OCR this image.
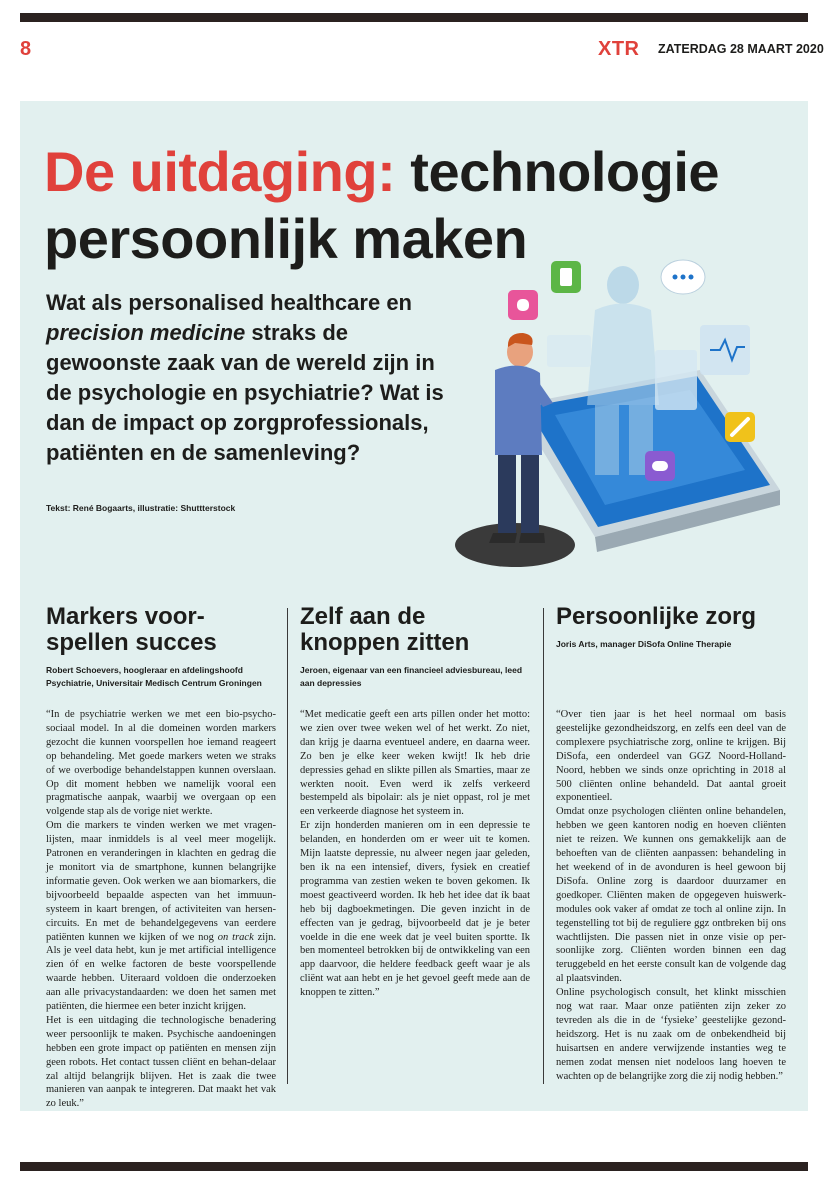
8	XTR ZATERDAG 28 MAART 2020
De uitdaging: technologie persoonlijk maken

Wat als personalised healthcare en precision medicine straks de gewoonste zaak van de wereld zijn in de psychologie en psychiatrie? Wat is dan de impact op zorgprofessionals, patiënten en de samenleving?

Tekst: René Bogaarts, illustratie: Shuttterstock
Markers voor-spellen succes

Robert Schoevers, hoogleraar en afdelingshoofd Psychiatrie, Universitair Medisch Centrum Groningen

“In de psychiatrie werken we met een bio-psycho-sociaal model. In al die domeinen worden markers gezocht die kunnen voorspellen hoe iemand reageert op behandeling. Met goede markers weten we straks of we overbodige behandelstappen kunnen overslaan. Op dit moment hebben we namelijk vooral een pragmatische aanpak, waarbij we overgaan op een volgende stap als de vorige niet werkte.

Om die markers te vinden werken we met vragen-lijsten, maar inmiddels is al veel meer mogelijk. Patronen en veranderingen in klachten en gedrag die je monitort via de smartphone, kunnen belangrijke informatie geven. Ook werken we aan biomarkers, die bijvoorbeeld bepaalde aspecten van het immuun-systeem in kaart brengen, of activiteiten van hersen-circuits. En met de behandelgegevens van eerdere patiënten kunnen we kijken of we nog on track zijn. Als je veel data hebt, kun je met artificial intelligence zien óf en welke factoren de beste voorspellende waarde hebben. Uiteraard voldoen die onderzoeken aan alle privacystandaarden: we doen het samen met patiënten, die hiermee een beter inzicht krijgen.

Het is een uitdaging die technologische benadering weer persoonlijk te maken. Psychische aandoeningen hebben een grote impact op patiënten en mensen zijn geen robots. Het contact tussen cliënt en behan-delaar zal altijd belangrijk blijven. Het is zaak die twee manieren van aanpak te integreren. Dat maakt het vak zo leuk.”

Zelf aan de knoppen zitten

Jeroen, eigenaar van een financieel adviesbureau, leed aan depressies

“Met medicatie geeft een arts pillen onder het motto: we zien over twee weken wel of het werkt. Zo niet, dan krijg je daarna eventueel andere, en daarna weer. Zo ben je elke keer weken kwijt! Ik heb drie depressies gehad en slikte pillen als Smarties, maar ze werkten nooit. Even werd ik zelfs verkeerd bestempeld als bipolair: als je niet oppast, rol je met een verkeerde diagnose het systeem in.

Er zijn honderden manieren om in een depressie te belanden, en honderden om er weer uit te komen. Mijn laatste depressie, nu alweer negen jaar geleden, ben ik na een intensief, divers, fysiek en creatief programma van zestien weken te boven gekomen. Ik moest geactiveerd worden. Ik heb het idee dat ík baat heb bij dagboekmetingen. Die geven inzicht in de effecten van je gedrag, bijvoorbeeld dat je je beter voelde in die ene week dat je veel buiten sportte. Ik ben momenteel betrokken bij de ontwikkeling van een app daarvoor, die heldere feedback geeft waar je als cliënt wat aan hebt en je het gevoel geeft mede aan de knoppen te zitten.”

Persoonlijke zorg

Joris Arts, manager DiSofa Online Therapie

“Over tien jaar is het heel normaal om basis geestelijke gezondheidszorg, en zelfs een deel van de complexere psychiatrische zorg, online te krijgen. Bij DiSofa, een onderdeel van GGZ Noord-Holland-Noord, hebben we sinds onze oprichting in 2018 al 500 cliënten online behandeld. Dat aantal groeit exponentieel.

Omdat onze psychologen cliënten online behandelen, hebben we geen kantoren nodig en hoeven cliënten niet te reizen. We kunnen ons gemakkelijk aan de behoeften van de cliënten aanpassen: behandeling in het weekend of in de avonduren is heel gewoon bij DiSofa. Online zorg is daardoor duurzamer en goedkoper. Cliënten maken de opgegeven huiswerk-modules ook vaker af omdat ze toch al online zijn. In tegenstelling tot bij de reguliere ggz ontbreken bij ons wachtlijsten. Die passen niet in onze visie op per-soonlijke zorg. Cliënten worden binnen een dag teruggebeld en het eerste consult kan de volgende dag al plaatsvinden.

Online psychologisch consult, het klinkt misschien nog wat raar. Maar onze patiënten zijn zeker zo tevreden als die in de ‘fysieke’ geestelijke gezond-heidszorg. Het is nu zaak om de onbekendheid bij huisartsen en andere verwijzende instanties weg te nemen zodat mensen niet nodeloos lang hoeven te wachten op de belangrijke zorg die zij nodig hebben.”
